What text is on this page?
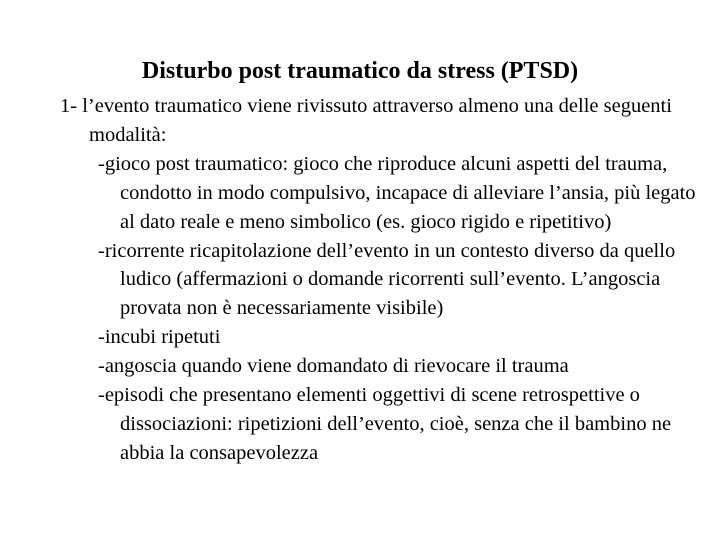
Disturbo post traumatico da stress (PTSD)

1- l’evento traumatico viene rivissuto attraverso almeno una delle seguenti modalità:

-gioco post traumatico: gioco che riproduce alcuni aspetti del trauma, condotto in modo compulsivo, incapace di alleviare l’ansia, più legato al dato reale e meno simbolico (es. gioco rigido e ripetitivo)
-ricorrente ricapitolazione dell’evento in un contesto diverso da quello ludico (affermazioni o domande ricorrenti sull’evento. L’angoscia provata non è necessariamente visibile)
-incubi ripetuti
-angoscia quando viene domandato di rievocare il trauma
-episodi che presentano elementi oggettivi di scene retrospettive o dissociazioni: ripetizioni dell’evento, cioè, senza che il bambino ne abbia la consapevolezza
